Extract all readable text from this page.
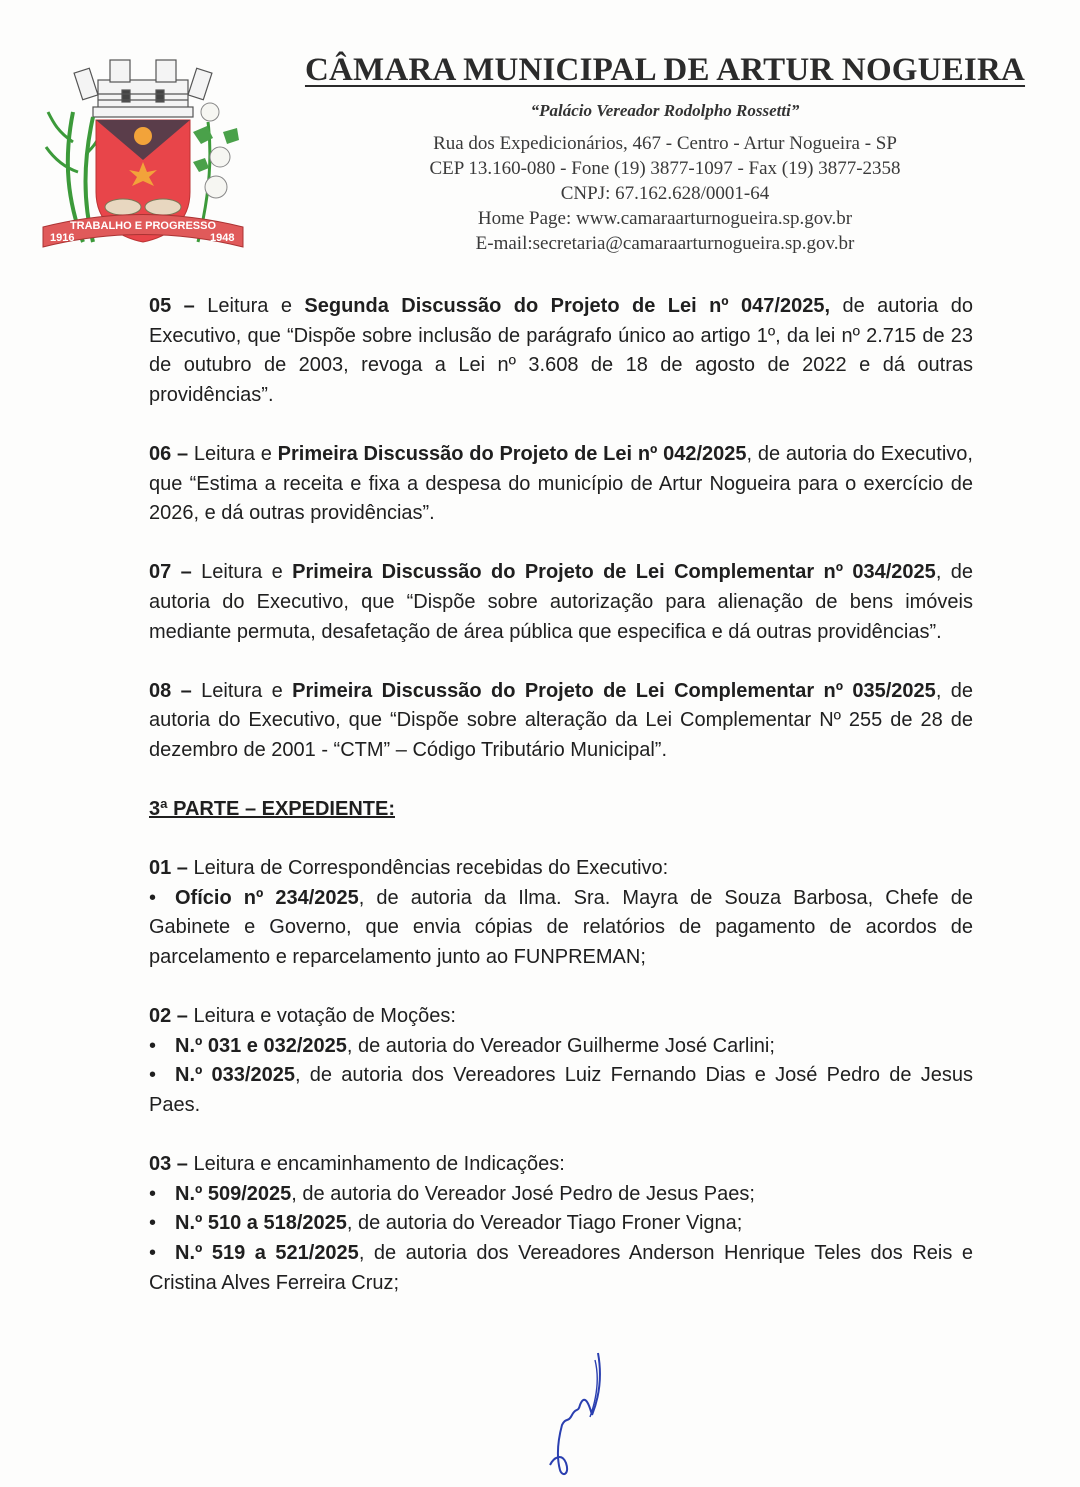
1916
TRABALHO E PROGRESSO
1948
CÂMARA MUNICIPAL DE ARTUR NOGUEIRA
“Palácio Vereador Rodolpho Rossetti”
Rua dos Expedicionários, 467 - Centro - Artur Nogueira - SP
CEP 13.160-080 - Fone (19) 3877-1097 - Fax (19) 3877-2358
CNPJ: 67.162.628/0001-64
Home Page: www.camaraarturnogueira.sp.gov.br
E-mail:secretaria@camaraarturnogueira.sp.gov.br

05 – Leitura e Segunda Discussão do Projeto de Lei nº 047/2025, de autoria do Executivo, que “Dispõe sobre inclusão de parágrafo único ao artigo 1º, da lei nº 2.715 de 23 de outubro de 2003, revoga a Lei nº 3.608 de 18 de agosto de 2022 e dá outras providências”.

06 – Leitura e Primeira Discussão do Projeto de Lei nº 042/2025, de autoria do Executivo, que “Estima a receita e fixa a despesa do município de Artur Nogueira para o exercício de 2026, e dá outras providências”.

07 – Leitura e Primeira Discussão do Projeto de Lei Complementar nº 034/2025, de autoria do Executivo, que “Dispõe sobre autorização para alienação de bens imóveis mediante permuta, desafetação de área pública que especifica e dá outras providências”.

08 – Leitura e Primeira Discussão do Projeto de Lei Complementar nº 035/2025, de autoria do Executivo, que “Dispõe sobre alteração da Lei Complementar Nº 255 de 28 de dezembro de 2001 - “CTM” – Código Tributário Municipal”.

3ª PARTE – EXPEDIENTE:

01 – Leitura de Correspondências recebidas do Executivo:

• Ofício nº 234/2025, de autoria da Ilma. Sra. Mayra de Souza Barbosa, Chefe de Gabinete e Governo, que envia cópias de relatórios de pagamento de acordos de parcelamento e reparcelamento junto ao FUNPREMAN;

02 – Leitura e votação de Moções:

• N.º 031 e 032/2025, de autoria do Vereador Guilherme José Carlini;

• N.º 033/2025, de autoria dos Vereadores Luiz Fernando Dias e José Pedro de Jesus Paes.

03 – Leitura e encaminhamento de Indicações:

• N.º 509/2025, de autoria do Vereador José Pedro de Jesus Paes;

• N.º 510 a 518/2025, de autoria do Vereador Tiago Froner Vigna;

• N.º 519 a 521/2025, de autoria dos Vereadores Anderson Henrique Teles dos Reis e Cristina Alves Ferreira Cruz;
